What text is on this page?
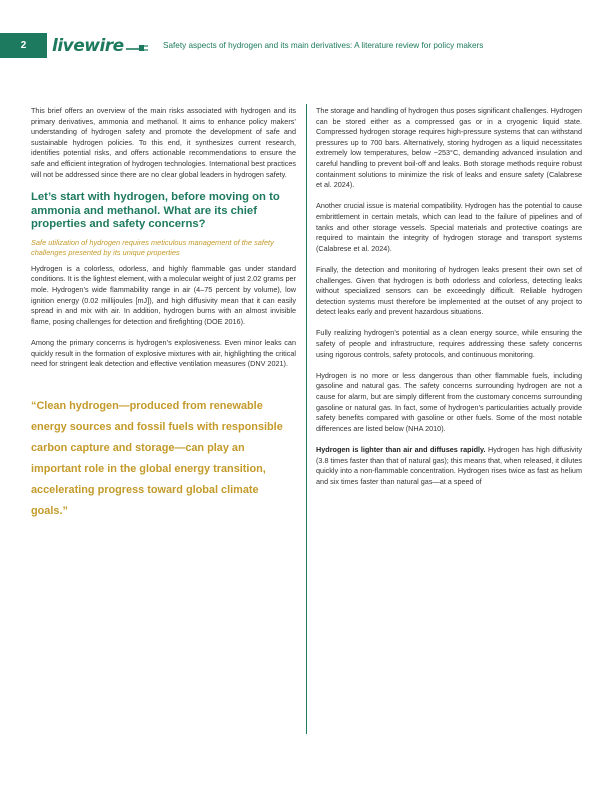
2	livewire	Safety aspects of hydrogen and its main derivatives: A literature review for policy makers

This brief offers an overview of the main risks associated with hydrogen and its primary derivatives, ammonia and methanol. It aims to enhance policy makers’ understanding of hydrogen safety and promote the development of safe and sustainable hydrogen policies. To this end, it synthesizes current research, identifies potential risks, and offers actionable recommendations to ensure the safe and efficient integration of hydrogen technologies. International best practices will not be addressed since there are no clear global leaders in hydrogen safety.

Let’s start with hydrogen, before moving on to ammonia and methanol. What are its chief properties and safety concerns?

Safe utilization of hydrogen requires meticulous management of the safety challenges presented by its unique properties

Hydrogen is a colorless, odorless, and highly flammable gas under standard conditions. It is the lightest element, with a molecular weight of just 2.02 grams per mole. Hydrogen’s wide flammability range in air (4–75 percent by volume), low ignition energy (0.02 millijoules [mJ]), and high diffusivity mean that it can easily spread in and mix with air. In addition, hydrogen burns with an almost invisible flame, posing challenges for detection and firefighting (DOE 2016).

Among the primary concerns is hydrogen’s explosiveness. Even minor leaks can quickly result in the formation of explosive mixtures with air, highlighting the critical need for stringent leak detection and effective ventilation measures (DNV 2021).

“Clean hydrogen—produced from renewable energy sources and fossil fuels with responsible carbon capture and storage—can play an important role in the global energy transition, accelerating progress toward global climate goals.”

The storage and handling of hydrogen thus poses significant challenges. Hydrogen can be stored either as a compressed gas or in a cryogenic liquid state. Compressed hydrogen storage requires high-pressure systems that can withstand pressures up to 700 bars. Alternatively, storing hydrogen as a liquid necessitates extremely low temperatures, below −253°C, demanding advanced insulation and careful handling to prevent boil-off and leaks. Both storage methods require robust containment solutions to minimize the risk of leaks and ensure safety (Calabrese et al. 2024).

Another crucial issue is material compatibility. Hydrogen has the potential to cause embrittlement in certain metals, which can lead to the failure of pipelines and of tanks and other storage vessels. Special materials and protective coatings are required to maintain the integrity of hydrogen storage and transport systems (Calabrese et al. 2024).

Finally, the detection and monitoring of hydrogen leaks present their own set of challenges. Given that hydrogen is both odorless and colorless, detecting leaks without specialized sensors can be exceedingly difficult. Reliable hydrogen detection systems must therefore be implemented at the outset of any project to detect leaks early and prevent hazardous situations.

Fully realizing hydrogen’s potential as a clean energy source, while ensuring the safety of people and infrastructure, requires addressing these safety concerns using rigorous controls, safety protocols, and continuous monitoring.

Hydrogen is no more or less dangerous than other flammable fuels, including gasoline and natural gas. The safety concerns surrounding hydrogen are not a cause for alarm, but are simply different from the customary concerns surrounding gasoline or natural gas. In fact, some of hydrogen’s particularities actually provide safety benefits compared with gasoline or other fuels. Some of the most notable differences are listed below (NHA 2010).

Hydrogen is lighter than air and diffuses rapidly. Hydrogen has high diffusivity (3.8 times faster than that of natural gas); this means that, when released, it dilutes quickly into a non-flammable concentration. Hydrogen rises twice as fast as helium and six times faster than natural gas—at a speed of
